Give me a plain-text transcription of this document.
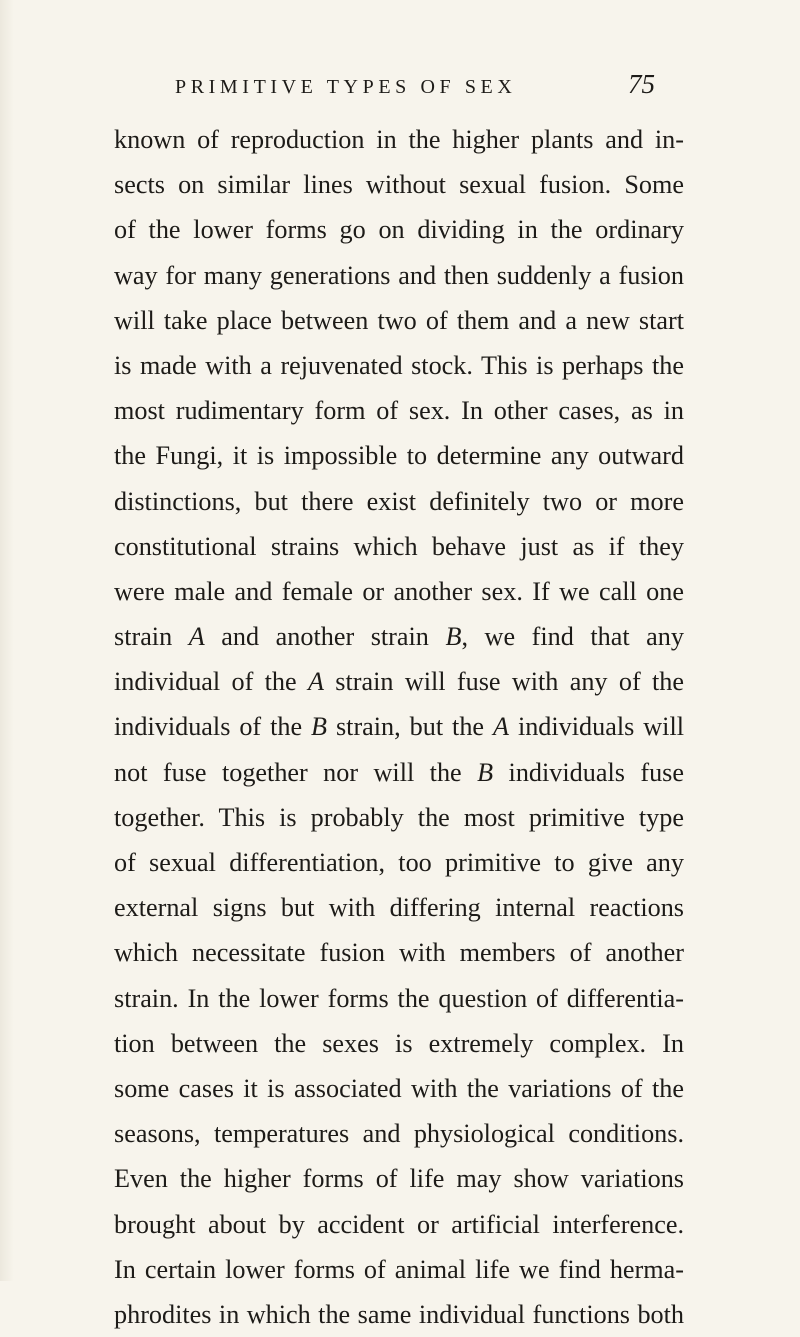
PRIMITIVE TYPES OF SEX	75
known of reproduction in the higher plants and in-
sects on similar lines without sexual fusion. Some
of the lower forms go on dividing in the ordinary
way for many generations and then suddenly a fusion
will take place between two of them and a new start
is made with a rejuvenated stock. This is perhaps the
most rudimentary form of sex. In other cases, as in
the Fungi, it is impossible to determine any outward
distinctions, but there exist definitely two or more
constitutional strains which behave just as if they
were male and female or another sex. If we call one
strain A and another strain B, we find that any
individual of the A strain will fuse with any of the
individuals of the B strain, but the A individuals will
not fuse together nor will the B individuals fuse
together. This is probably the most primitive type
of sexual differentiation, too primitive to give any
external signs but with differing internal reactions
which necessitate fusion with members of another
strain. In the lower forms the question of differentia-
tion between the sexes is extremely complex. In
some cases it is associated with the variations of the
seasons, temperatures and physiological conditions.
Even the higher forms of life may show variations
brought about by accident or artificial interference.
In certain lower forms of animal life we find herma-
phrodites in which the same individual functions both
